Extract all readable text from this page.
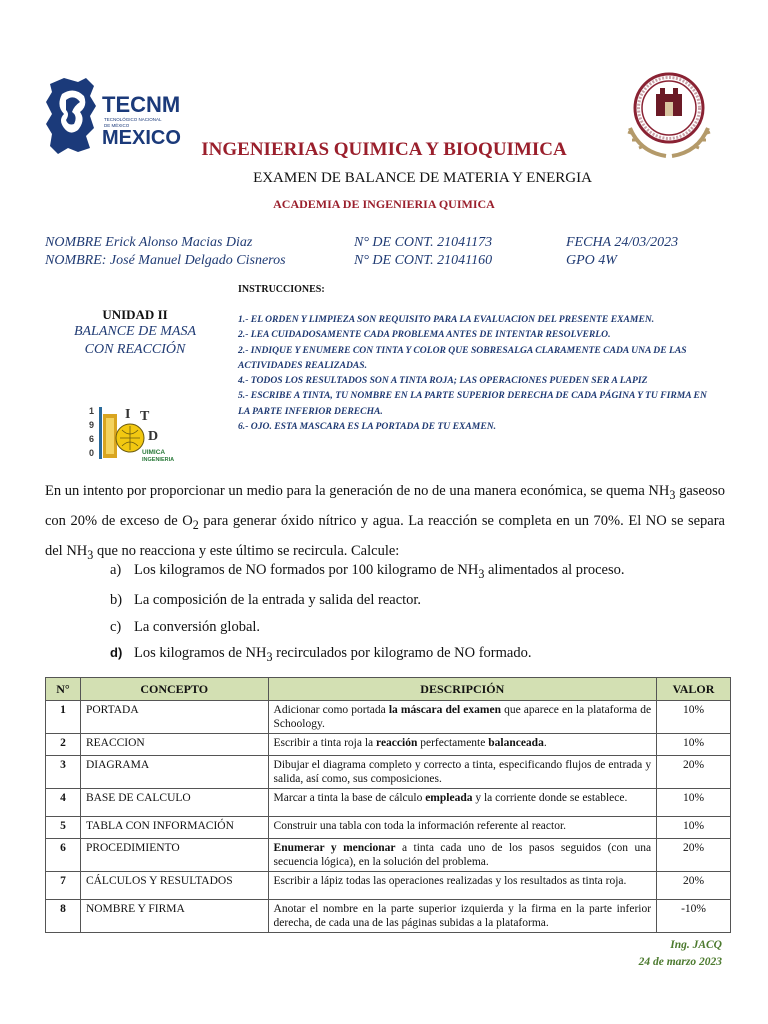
TECNM
TECNOLÓGICO NACIONAL
DE MÉXICO
MEXICO
INGENIERIAS QUIMICA Y BIOQUIMICA
EXAMEN DE BALANCE DE MATERIA Y ENERGIA
ACADEMIA DE INGENIERIA QUIMICA
NOMBRE Erick Alonso Macias Diaz	N° DE CONT. 21041173	FECHA 24/03/2023
NOMBRE: José Manuel Delgado Cisneros	N° DE CONT. 21041160	GPO 4W
UNIDAD II
BALANCE DE MASA
CON REACCIÓN
1
9
6
0
I T
D
UIMICA
INGENIERIA
INSTRUCCIONES:
1.- EL ORDEN Y LIMPIEZA SON REQUISITO PARA LA EVALUACION DEL PRESENTE EXAMEN.
2.- LEA CUIDADOSAMENTE CADA PROBLEMA ANTES DE INTENTAR RESOLVERLO.
2.- INDIQUE Y ENUMERE CON TINTA Y COLOR QUE SOBRESALGA CLARAMENTE CADA UNA DE LAS ACTIVIDADES REALIZADAS.
4.- TODOS LOS RESULTADOS SON A TINTA ROJA; LAS OPERACIONES PUEDEN SER A LAPIZ
5.- ESCRIBE A TINTA, TU NOMBRE EN LA PARTE SUPERIOR DERECHA DE CADA PÁGINA Y TU FIRMA EN LA PARTE INFERIOR DERECHA.
6.- OJO. ESTA MASCARA ES LA PORTADA DE TU EXAMEN.
En un intento por proporcionar un medio para la generación de no de una manera económica, se quema $NH_3$ gaseoso con 20% de exceso de $O_2$ para generar óxido nítrico y agua. La reacción se completa en un 70%. El NO se separa del $NH_3$ que no reacciona y este último se recircula. Calcule:
a) Los kilogramos de NO formados por 100 kilogramo de $NH_3$ alimentados al proceso.
b) La composición de la entrada y salida del reactor.
c) La conversión global.
d) Los kilogramos de $NH_3$ recirculados por kilogramo de NO formado.
N°	CONCEPTO	DESCRIPCIÓN	VALOR
1	PORTADA	Adicionar como portada la máscara del examen que aparece en la plataforma de Schoology.	10%
2	REACCION	Escribir a tinta roja la reacción perfectamente balanceada.	10%
3	DIAGRAMA	Dibujar el diagrama completo y correcto a tinta, especificando flujos de entrada y salida, así como, sus composiciones.	20%
4	BASE DE CALCULO	Marcar a tinta la base de cálculo empleada y la corriente donde se establece.	10%
5	TABLA CON INFORMACIÓN	Construir una tabla con toda la información referente al reactor.	10%
6	PROCEDIMIENTO	Enumerar y mencionar a tinta cada uno de los pasos seguidos (con una secuencia lógica), en la solución del problema.	20%
7	CÁLCULOS Y RESULTADOS	Escribir a lápiz todas las operaciones realizadas y los resultados as tinta roja.	20%
8	NOMBRE Y FIRMA	Anotar el nombre en la parte superior izquierda y la firma en la parte inferior derecha, de cada una de las páginas subidas a la plataforma.	-10%
Ing. JACQ
24 de marzo 2023
